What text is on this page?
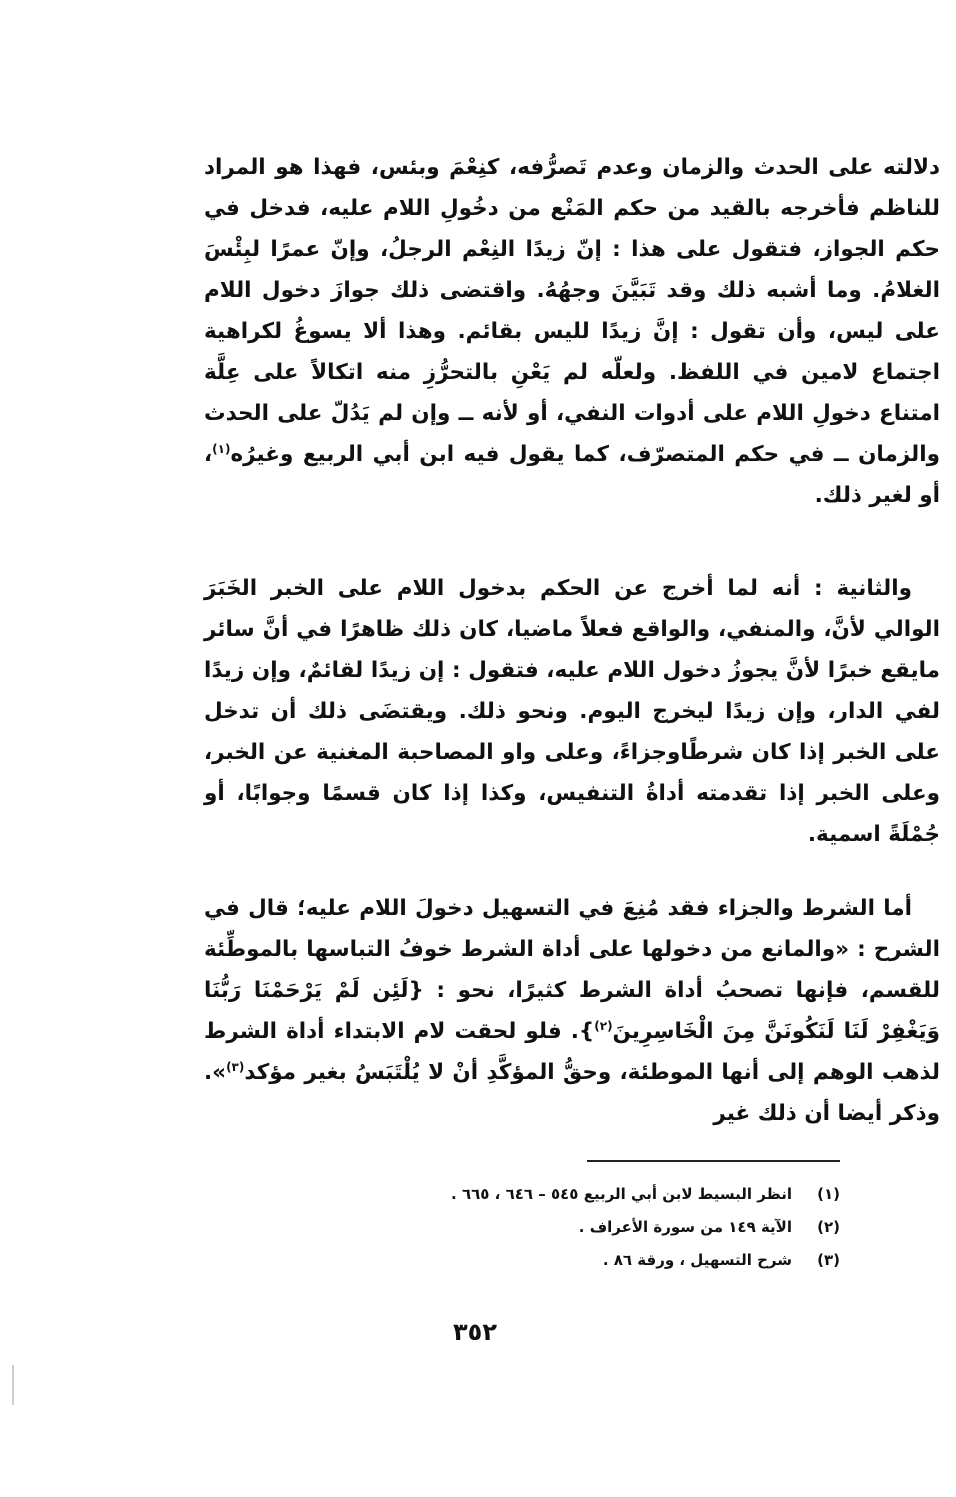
دلالته على الحدث والزمان وعدم تَصرُّفه، كنِعْمَ وبئس، فهذا هو المراد للناظم فأخرجه بالقيد من حكم المَنْع من دخُولِ اللام عليه، فدخل في حكم الجواز، فتقول على هذا : إنّ زيدًا النِعْم الرجلُ، وإنّ عمرًا لبِئْسَ الغلامُ. وما أشبه ذلك وقد تَبَيَّنَ وجهُهُ. واقتضى ذلك جوازَ دخول اللام على ليس، وأن تقول : إنَّ زيدًا لليس بقائم. وهذا ألا يسوغُ لكراهية اجتماع لامين في اللفظ. ولعلّه لم يَعْنِ بالتحرُّزِ منه اتكالاً على عِلَّة امتناع دخولِ اللام على أدوات النفي، أو لأنه ــ وإن لم يَدُلّ على الحدث والزمان ــ في حكم المتصرّف، كما يقول فيه ابن أبي الربيع وغيرُه$^{(١)}$، أو لغير ذلك.

والثانية : أنه لما أخرج عن الحكم بدخول اللام على الخبر الخَبَرَ الوالي لأنَّ، والمنفي، والواقع فعلاً ماضيا، كان ذلك ظاهرًا في أنَّ سائر مايقع خبرًا لأنَّ يجوزُ دخول اللام عليه، فتقول : إن زيدًا لقائمٌ، وإن زيدًا لفي الدار، وإن زيدًا ليخرج اليوم. ونحو ذلك. ويقتضَى ذلك أن تدخل على الخبر إذا كان شرطًاوجزاءً، وعلى واو المصاحبة المغنية عن الخبر، وعلى الخبر إذا تقدمته أداةُ التنفيس، وكذا إذا كان قسمًا وجوابًا، أو جُمْلَةً اسمية.

أما الشرط والجزاء فقد مُنِعَ في التسهيل دخولَ اللام عليه؛ قال في الشرح : «والمانع من دخولها على أداة الشرط خوفُ التباسها بالموطِّئة للقسم، فإنها تصحبُ أداة الشرط كثيرًا، نحو : {لَئِن لَمْ يَرْحَمْنَا رَبُّنَا وَيَغْفِرْ لَنَا لَنَكُونَنَّ مِنَ الْخَاسِرِينَ$^{(٢)}$}. فلو لحقت لام الابتداء أداة الشرط لذهب الوهم إلى أنها الموطئة، وحقُّ المؤكَّدِ أنْ لا يُلْتَبَسُ بغير مؤكد$^{(٣)}$». وذكر أيضا أن ذلك غير

(١)
انظر البسيط لابن أبي الربيع ٥٤٥ – ٦٤٦ ، ٦٦٥ .
(٢)
الآية ١٤٩ من سورة الأعراف .
(٣)
شرح التسهيل ، ورقة ٨٦ .
٣٥٢
